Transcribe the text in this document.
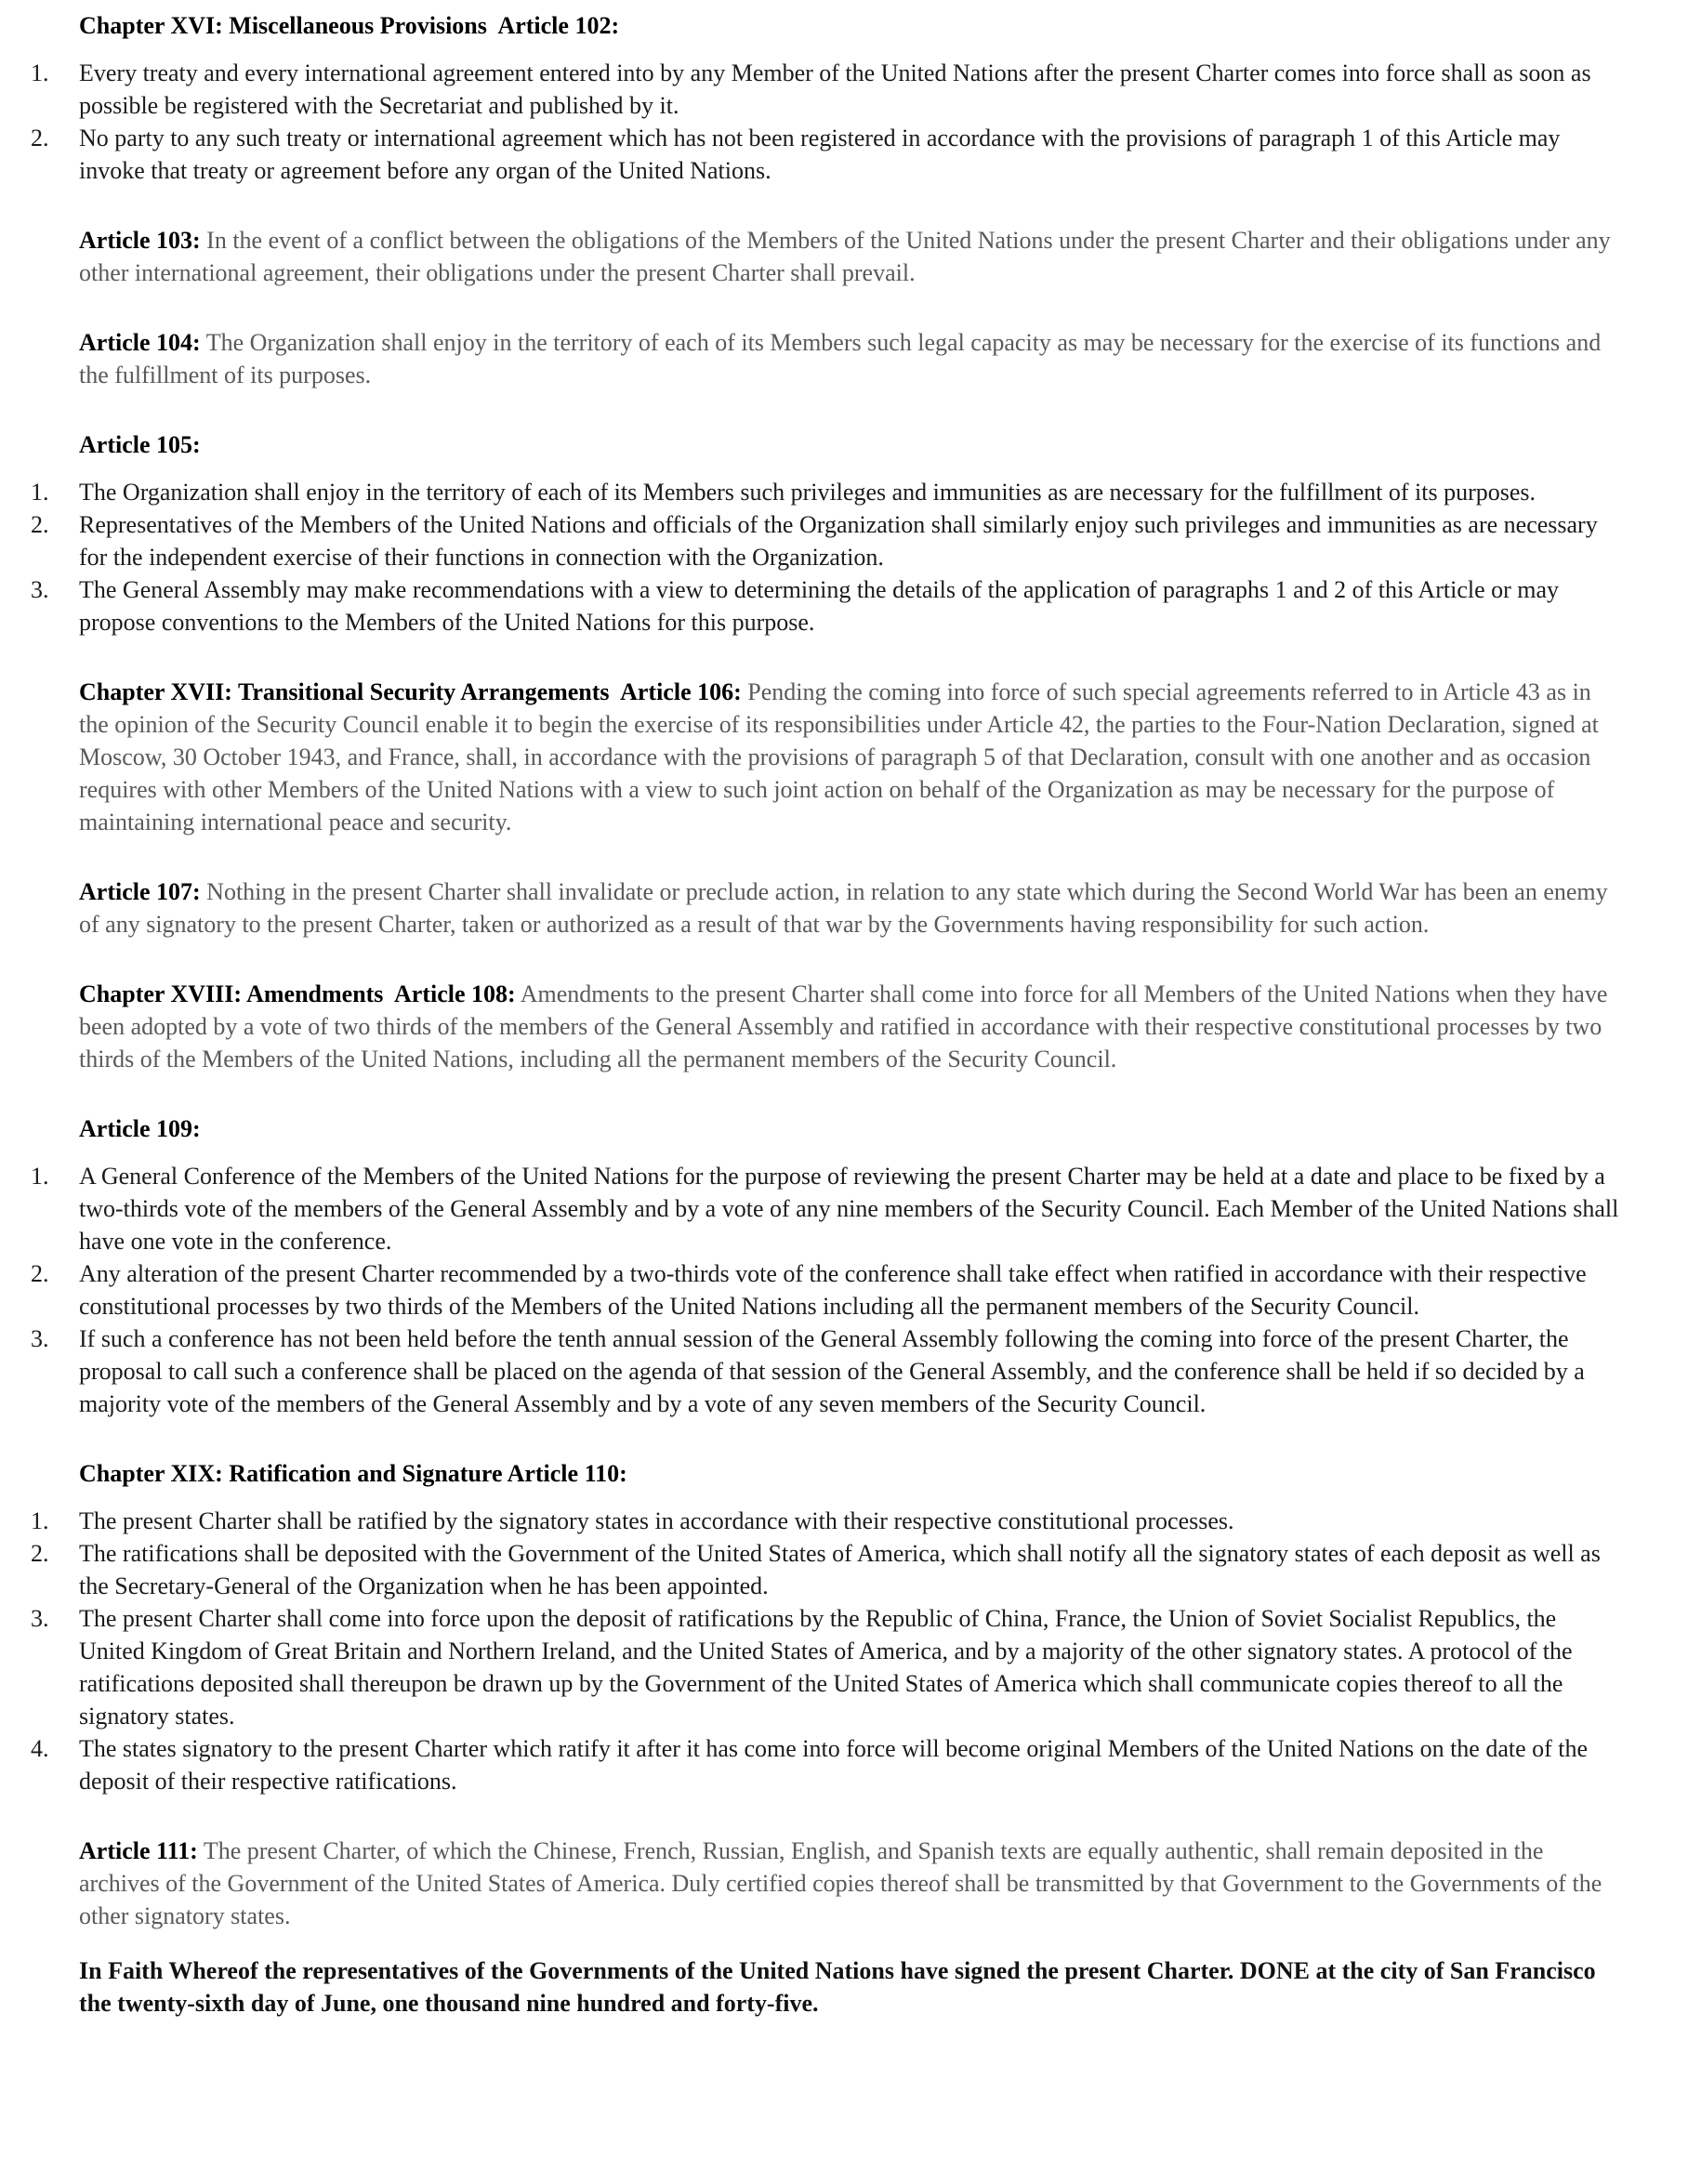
Chapter XVI: Miscellaneous Provisions  Article 102:
1.	Every treaty and every international agreement entered into by any Member of the United Nations after the present Charter comes into force shall as soon as possible be registered with the Secretariat and published by it.
2.	No party to any such treaty or international agreement which has not been registered in accordance with the provisions of paragraph 1 of this Article may invoke that treaty or agreement before any organ of the United Nations.

Article 103: In the event of a conflict between the obligations of the Members of the United Nations under the present Charter and their obligations under any other international agreement, their obligations under the present Charter shall prevail.

Article 104: The Organization shall enjoy in the territory of each of its Members such legal capacity as may be necessary for the exercise of its functions and the fulfillment of its purposes.

Article 105:
1.	The Organization shall enjoy in the territory of each of its Members such privileges and immunities as are necessary for the fulfillment of its purposes.
2.	Representatives of the Members of the United Nations and officials of the Organization shall similarly enjoy such privileges and immunities as are necessary for the independent exercise of their functions in connection with the Organization.
3.	The General Assembly may make recommendations with a view to determining the details of the application of paragraphs 1 and 2 of this Article or may propose conventions to the Members of the United Nations for this purpose.

Chapter XVII: Transitional Security Arrangements  Article 106: Pending the coming into force of such special agreements referred to in Article 43 as in the opinion of the Security Council enable it to begin the exercise of its responsibilities under Article 42, the parties to the Four-Nation Declaration, signed at Moscow, 30 October 1943, and France, shall, in accordance with the provisions of paragraph 5 of that Declaration, consult with one another and as occasion requires with other Members of the United Nations with a view to such joint action on behalf of the Organization as may be necessary for the purpose of maintaining international peace and security.

Article 107: Nothing in the present Charter shall invalidate or preclude action, in relation to any state which during the Second World War has been an enemy of any signatory to the present Charter, taken or authorized as a result of that war by the Governments having responsibility for such action.

Chapter XVIII: Amendments  Article 108: Amendments to the present Charter shall come into force for all Members of the United Nations when they have been adopted by a vote of two thirds of the members of the General Assembly and ratified in accordance with their respective constitutional processes by two thirds of the Members of the United Nations, including all the permanent members of the Security Council.

Article 109:
1.	A General Conference of the Members of the United Nations for the purpose of reviewing the present Charter may be held at a date and place to be fixed by a two-thirds vote of the members of the General Assembly and by a vote of any nine members of the Security Council. Each Member of the United Nations shall have one vote in the conference.
2.	Any alteration of the present Charter recommended by a two-thirds vote of the conference shall take effect when ratified in accordance with their respective constitutional processes by two thirds of the Members of the United Nations including all the permanent members of the Security Council.
3.	If such a conference has not been held before the tenth annual session of the General Assembly following the coming into force of the present Charter, the proposal to call such a conference shall be placed on the agenda of that session of the General Assembly, and the conference shall be held if so decided by a majority vote of the members of the General Assembly and by a vote of any seven members of the Security Council.
Chapter XIX: Ratification and Signature Article 110:
1.	The present Charter shall be ratified by the signatory states in accordance with their respective constitutional processes.
2.	The ratifications shall be deposited with the Government of the United States of America, which shall notify all the signatory states of each deposit as well as the Secretary-General of the Organization when he has been appointed.
3.	The present Charter shall come into force upon the deposit of ratifications by the Republic of China, France, the Union of Soviet Socialist Republics, the United Kingdom of Great Britain and Northern Ireland, and the United States of America, and by a majority of the other signatory states. A protocol of the ratifications deposited shall thereupon be drawn up by the Government of the United States of America which shall communicate copies thereof to all the signatory states.
4.	The states signatory to the present Charter which ratify it after it has come into force will become original Members of the United Nations on the date of the deposit of their respective ratifications.

Article 111: The present Charter, of which the Chinese, French, Russian, English, and Spanish texts are equally authentic, shall remain deposited in the archives of the Government of the United States of America. Duly certified copies thereof shall be transmitted by that Government to the Governments of the other signatory states.

In Faith Whereof the representatives of the Governments of the United Nations have signed the present Charter. DONE at the city of San Francisco the twenty-sixth day of June, one thousand nine hundred and forty-five.
